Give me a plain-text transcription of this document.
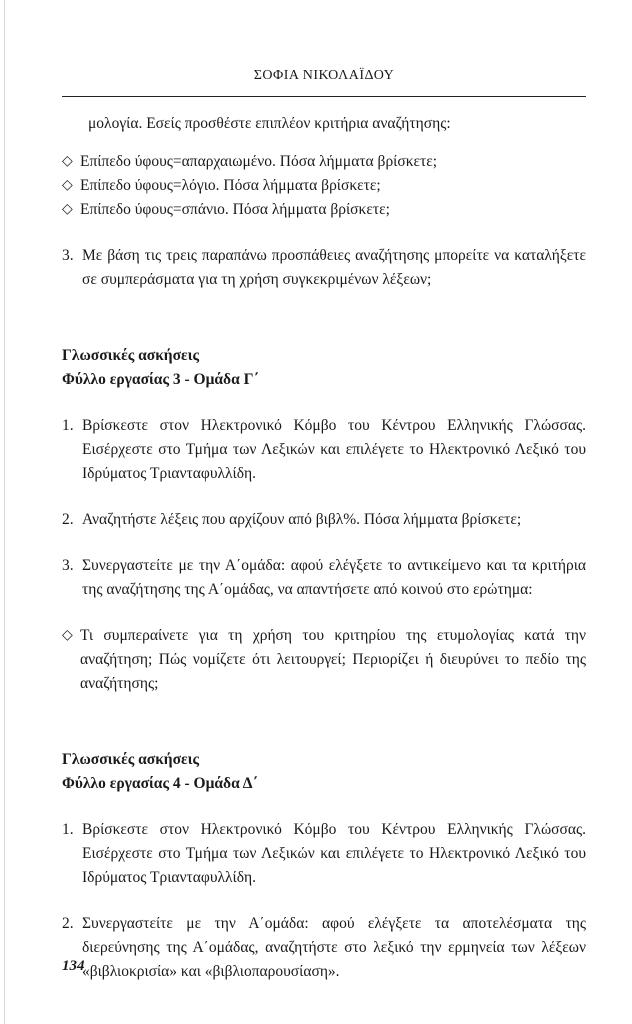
ΣΟΦΙΑ ΝΙΚΟΛΑΪΔΟΥ

μολογία. Εσείς προσθέστε επιπλέον κριτήρια αναζήτησης:

◇ Επίπεδο ύφους=απαρχαιωμένο. Πόσα λήμματα βρίσκετε;
◇ Επίπεδο ύφους=λόγιο. Πόσα λήμματα βρίσκετε;
◇ Επίπεδο ύφους=σπάνιο. Πόσα λήμματα βρίσκετε;
3. Με βάση τις τρεις παραπάνω προσπάθειες αναζήτησης μπορείτε να καταλήξετε σε συμπεράσματα για τη χρήση συγκεκριμένων λέξεων;

Γλωσσικές ασκήσεις

Φύλλο εργασίας 3 - Ομάδα Γ΄

1. Βρίσκεστε στον Ηλεκτρονικό Κόμβο του Κέντρου Ελληνικής Γλώσσας. Εισέρχεστε στο Τμήμα των Λεξικών και επιλέγετε το Ηλεκτρονικό Λεξικό του Ιδρύματος Τριανταφυλλίδη.
2. Αναζητήστε λέξεις που αρχίζουν από βιβλ%. Πόσα λήμματα βρίσκετε;
3. Συνεργαστείτε με την Α΄ομάδα: αφού ελέγξετε το αντικείμενο και τα κριτήρια της αναζήτησης της Α΄ομάδας, να απαντήσετε από κοινού στο ερώτημα:
◇ Τι συμπεραίνετε για τη χρήση του κριτηρίου της ετυμολογίας κατά την αναζήτηση; Πώς νομίζετε ότι λειτουργεί; Περιορίζει ή διευρύνει το πεδίο της αναζήτησης;

Γλωσσικές ασκήσεις

Φύλλο εργασίας 4 - Ομάδα Δ΄

1. Βρίσκεστε στον Ηλεκτρονικό Κόμβο του Κέντρου Ελληνικής Γλώσσας. Εισέρχεστε στο Τμήμα των Λεξικών και επιλέγετε το Ηλεκτρονικό Λεξικό του Ιδρύματος Τριανταφυλλίδη.
2. Συνεργαστείτε με την Α΄ομάδα: αφού ελέγξετε τα αποτελέσματα της διερεύνησης της Α΄ομάδας, αναζητήστε στο λεξικό την ερμηνεία των λέξεων «βιβλιοκρισία» και «βιβλιοπαρουσίαση».
134
